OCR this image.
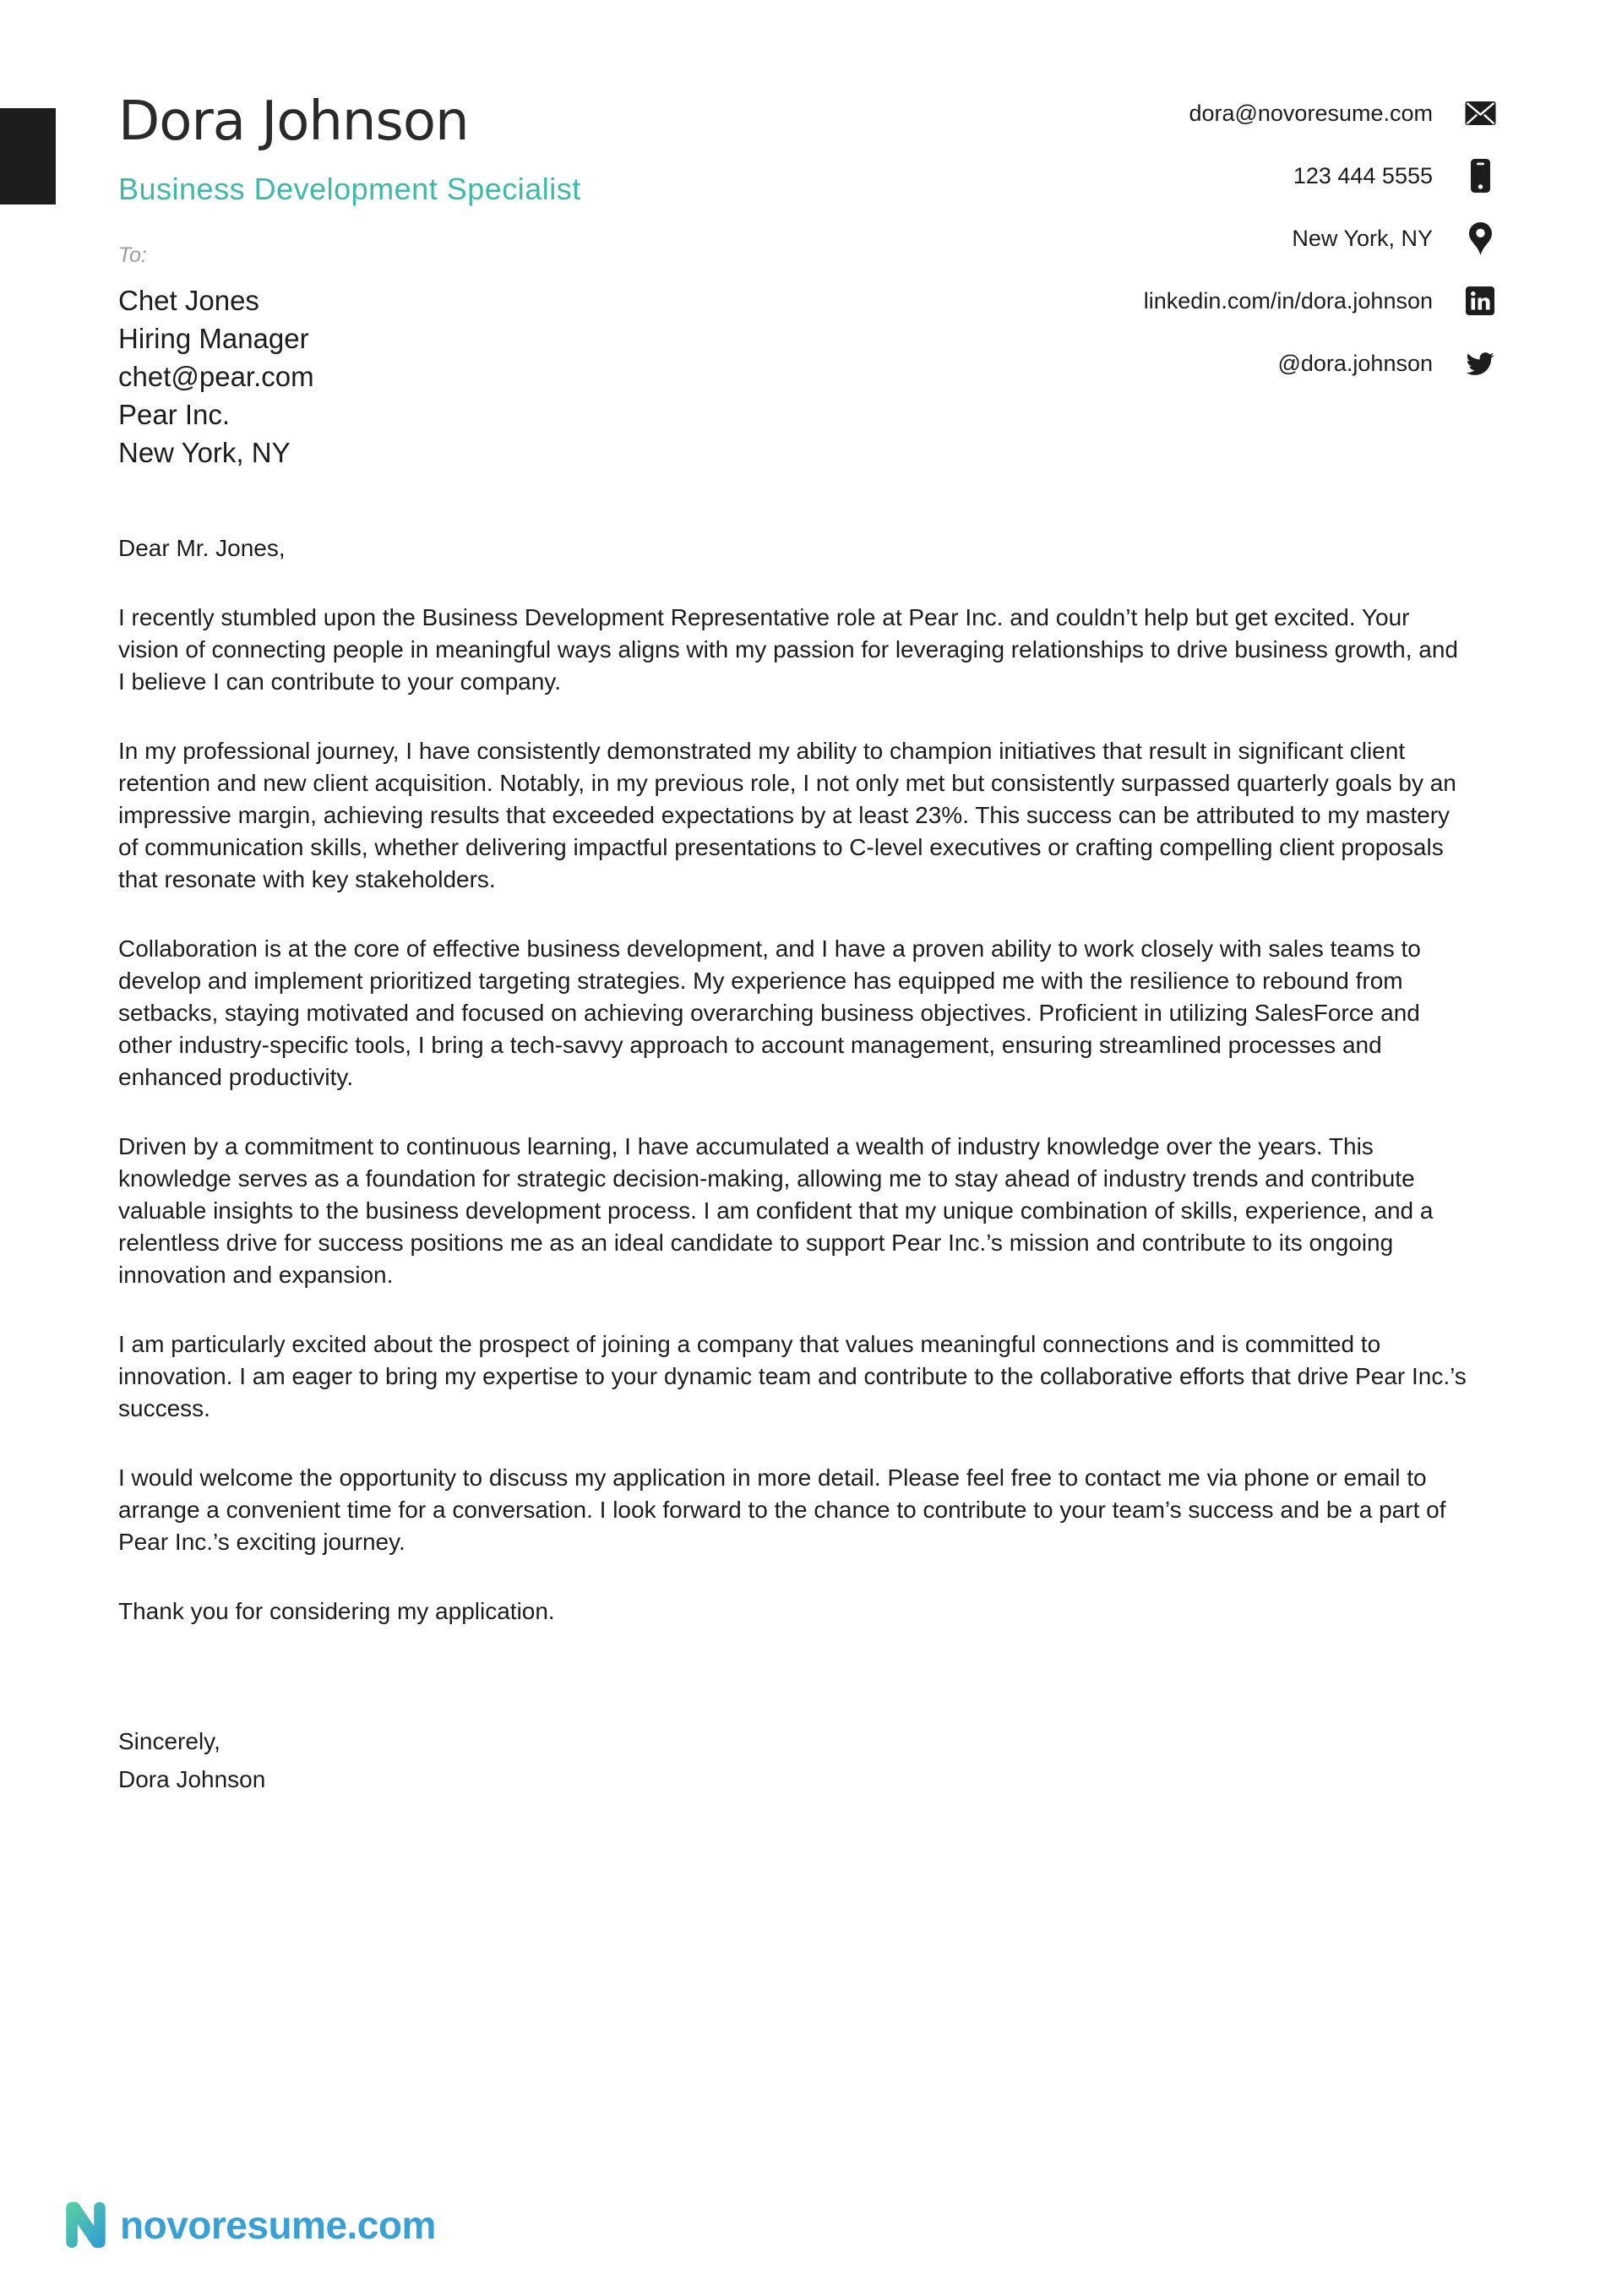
Dora Johnson
Business Development Specialist
dora@novoresume.com
123 444 5555
New York, NY
linkedin.com/in/dora.johnson
@dora.johnson
To:
Chet Jones
Hiring Manager
chet@pear.com
Pear Inc.
New York, NY

Dear Mr. Jones,

I recently stumbled upon the Business Development Representative role at Pear Inc. and couldn’t help but get excited. Your vision of connecting people in meaningful ways aligns with my passion for leveraging relationships to drive business growth, and I believe I can contribute to your company.

In my professional journey, I have consistently demonstrated my ability to champion initiatives that result in significant client retention and new client acquisition. Notably, in my previous role, I not only met but consistently surpassed quarterly goals by an impressive margin, achieving results that exceeded expectations by at least 23%. This success can be attributed to my mastery of communication skills, whether delivering impactful presentations to C-level executives or crafting compelling client proposals that resonate with key stakeholders.

Collaboration is at the core of effective business development, and I have a proven ability to work closely with sales teams to develop and implement prioritized targeting strategies. My experience has equipped me with the resilience to rebound from setbacks, staying motivated and focused on achieving overarching business objectives. Proficient in utilizing SalesForce and other industry-specific tools, I bring a tech-savvy approach to account management, ensuring streamlined processes and enhanced productivity.

Driven by a commitment to continuous learning, I have accumulated a wealth of industry knowledge over the years. This knowledge serves as a foundation for strategic decision-making, allowing me to stay ahead of industry trends and contribute valuable insights to the business development process. I am confident that my unique combination of skills, experience, and a relentless drive for success positions me as an ideal candidate to support Pear Inc.’s mission and contribute to its ongoing innovation and expansion.

I am particularly excited about the prospect of joining a company that values meaningful connections and is committed to innovation. I am eager to bring my expertise to your dynamic team and contribute to the collaborative efforts that drive Pear Inc.’s success.

I would welcome the opportunity to discuss my application in more detail. Please feel free to contact me via phone or email to arrange a convenient time for a conversation. I look forward to the chance to contribute to your team’s success and be a part of Pear Inc.’s exciting journey.

Thank you for considering my application.

Sincerely,
Dora Johnson
novoresume.com
